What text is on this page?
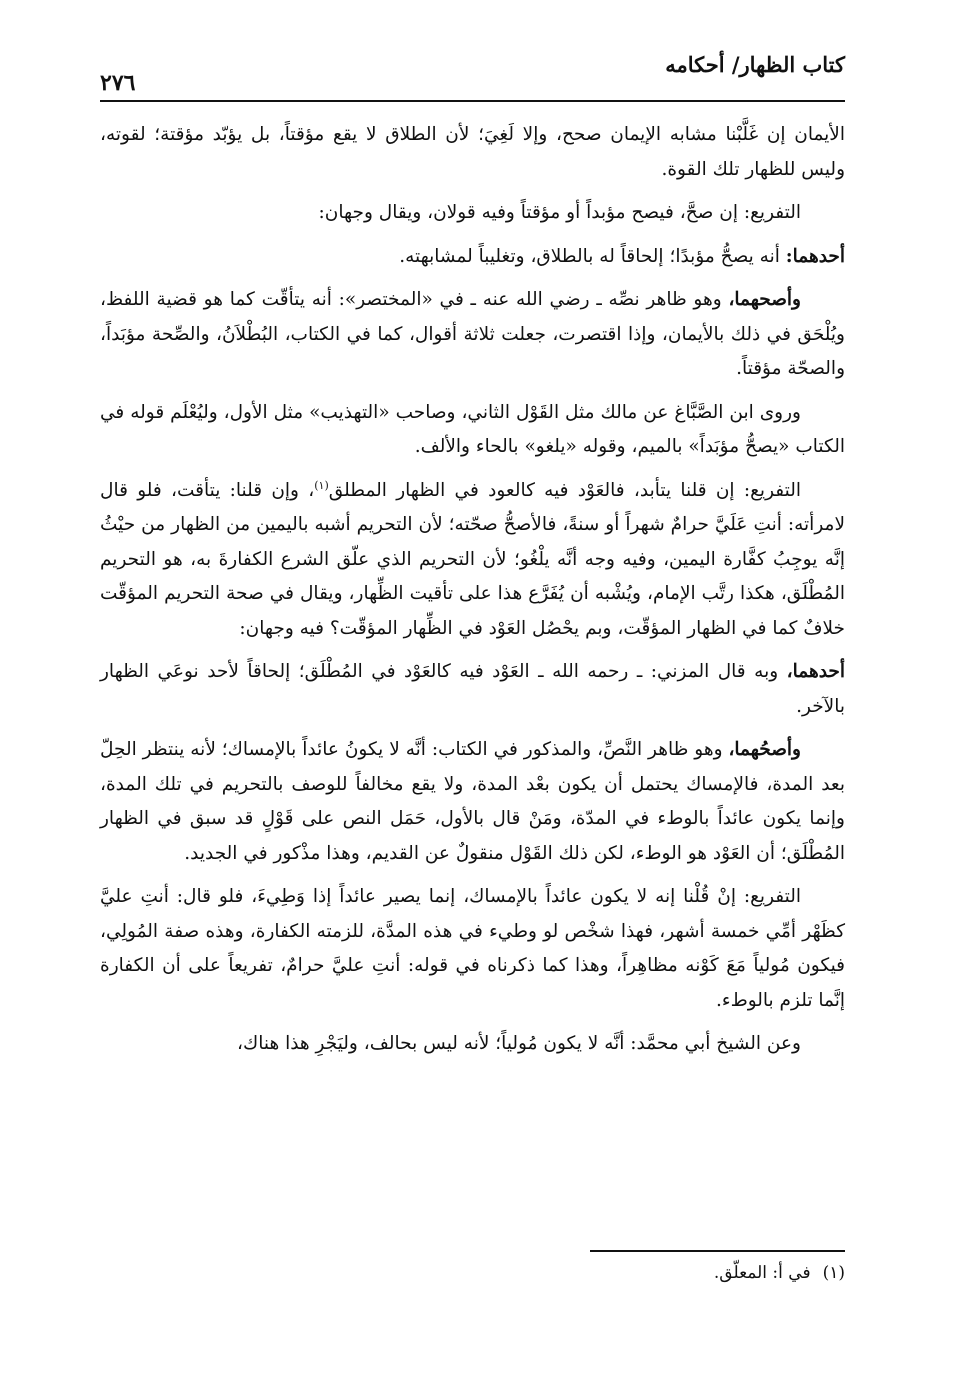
كتاب الظهار/ أحكامه
٢٧٦

الأيمان إن غَلَّبْنا مشابه الإيمان صحح، وإلا لَغِيَ؛ لأن الطلاق لا يقع مؤقتاً، بل يؤبّد مؤقتة؛ لقوته، وليس للظهار تلك القوة.

التفريع: إن صحَّ، فيصح مؤبداً أو مؤقتاً وفيه قولان، ويقال وجهان:

أحدهما: أنه يصحُّ مؤبدًا؛ إلحاقاً له بالطلاق، وتغليباً لمشابهته.

وأصحهما، وهو ظاهر نصِّه ـ رضي الله عنه ـ في «المختصر»: أنه يتأقّت كما هو قضية اللفظ، ويُلْحَق في ذلك بالأيمان، وإذا اقتصرت، جعلت ثلاثة أقوال، كما في الكتاب، البُطْلاَنُ، والصِّحة مؤبَداً، والصحّة مؤقتاً.

وروى ابن الصَّبَّاغ عن مالك مثل القَوْل الثاني، وصاحب «التهذيب» مثل الأول، وليُعْلَم قوله في الكتاب «يصحُّ مؤبَداً» بالميم، وقوله «يلغو» بالحاء والألف.

التفريع: إن قلنا يتأبد، فالعَوْد فيه كالعود في الظهار المطلق$^{(١)}$، وإن قلنا: يتأقت، فلو قال لامرأته: أنتِ عَلَيَّ حرامٌ شهراً أو سنةً، فالأصحُّ صحّته؛ لأن التحريم أشبه باليمين من الظهار من حيْثُ إنَّه يوجِبُ كفَّارة اليمين، وفيه وجه أنَّه يلْغُو؛ لأن التحريم الذي علّق الشرع الكفارةَ به، هو التحريم المُطْلَق، هكذا رتَّب الإمام، ويُشْبه أن يُفَرَّع هذا على تأقيت الظِّهار، ويقال في صحة التحريم المؤقّت خلافٌ كما في الظهار المؤقّت، وبم يحْصُل العَوْد في الظِّهار المؤقّت؟ فيه وجهان:

أحدهما، وبه قال المزني: ـ رحمه الله ـ العَوْد فيه كالعَوْد في المُطْلَق؛ إلحاقاً لأحد نوعَي الظهار بالآخر.

وأصحُهما، وهو ظاهر النَّصِّ، والمذكور في الكتاب: أنَّه لا يكونُ عائداً بالإمساك؛ لأنه ينتظر الحِلّ بعد المدة، فالإمساك يحتمل أن يكون بعْد المدة، ولا يقع مخالفاً للوصف بالتحريم في تلك المدة، وإنما يكون عائداً بالوطء في المدّة، ومَنْ قال بالأول، حَمَل النص على قَوْلٍ قد سبق في الظهار المُطْلَق؛ أن العَوْد هو الوطء، لكن ذلك القَوْل منقولٌ عن القديم، وهذا مذْكور في الجديد.

التفريع: إنْ قُلْنا إنه لا يكون عائداً بالإمساك، إنما يصير عائداً إذا وَطِيءَ، فلو قال: أنتِ عليَّ كظَهْر أمِّي خمسة أشهر، فهذا شخْص لو وطيء في هذه المدَّة، للزمته الكفارة، وهذه صفة المُولِي، فيكون مُولياً مَعَ كَوْنه مظاهِراً، وهذا كما ذكرناه في قوله: أنتِ عليَّ حرامٌ، تفريعاً على أن الكفارة إنَّما تلزم بالوطء.

وعن الشيخ أبي محمَّد: أنَّه لا يكون مُولياً؛ لأنه ليس بحالف، وليَجْرِ هذا هناك،

(١)في أ: المعلّق.
